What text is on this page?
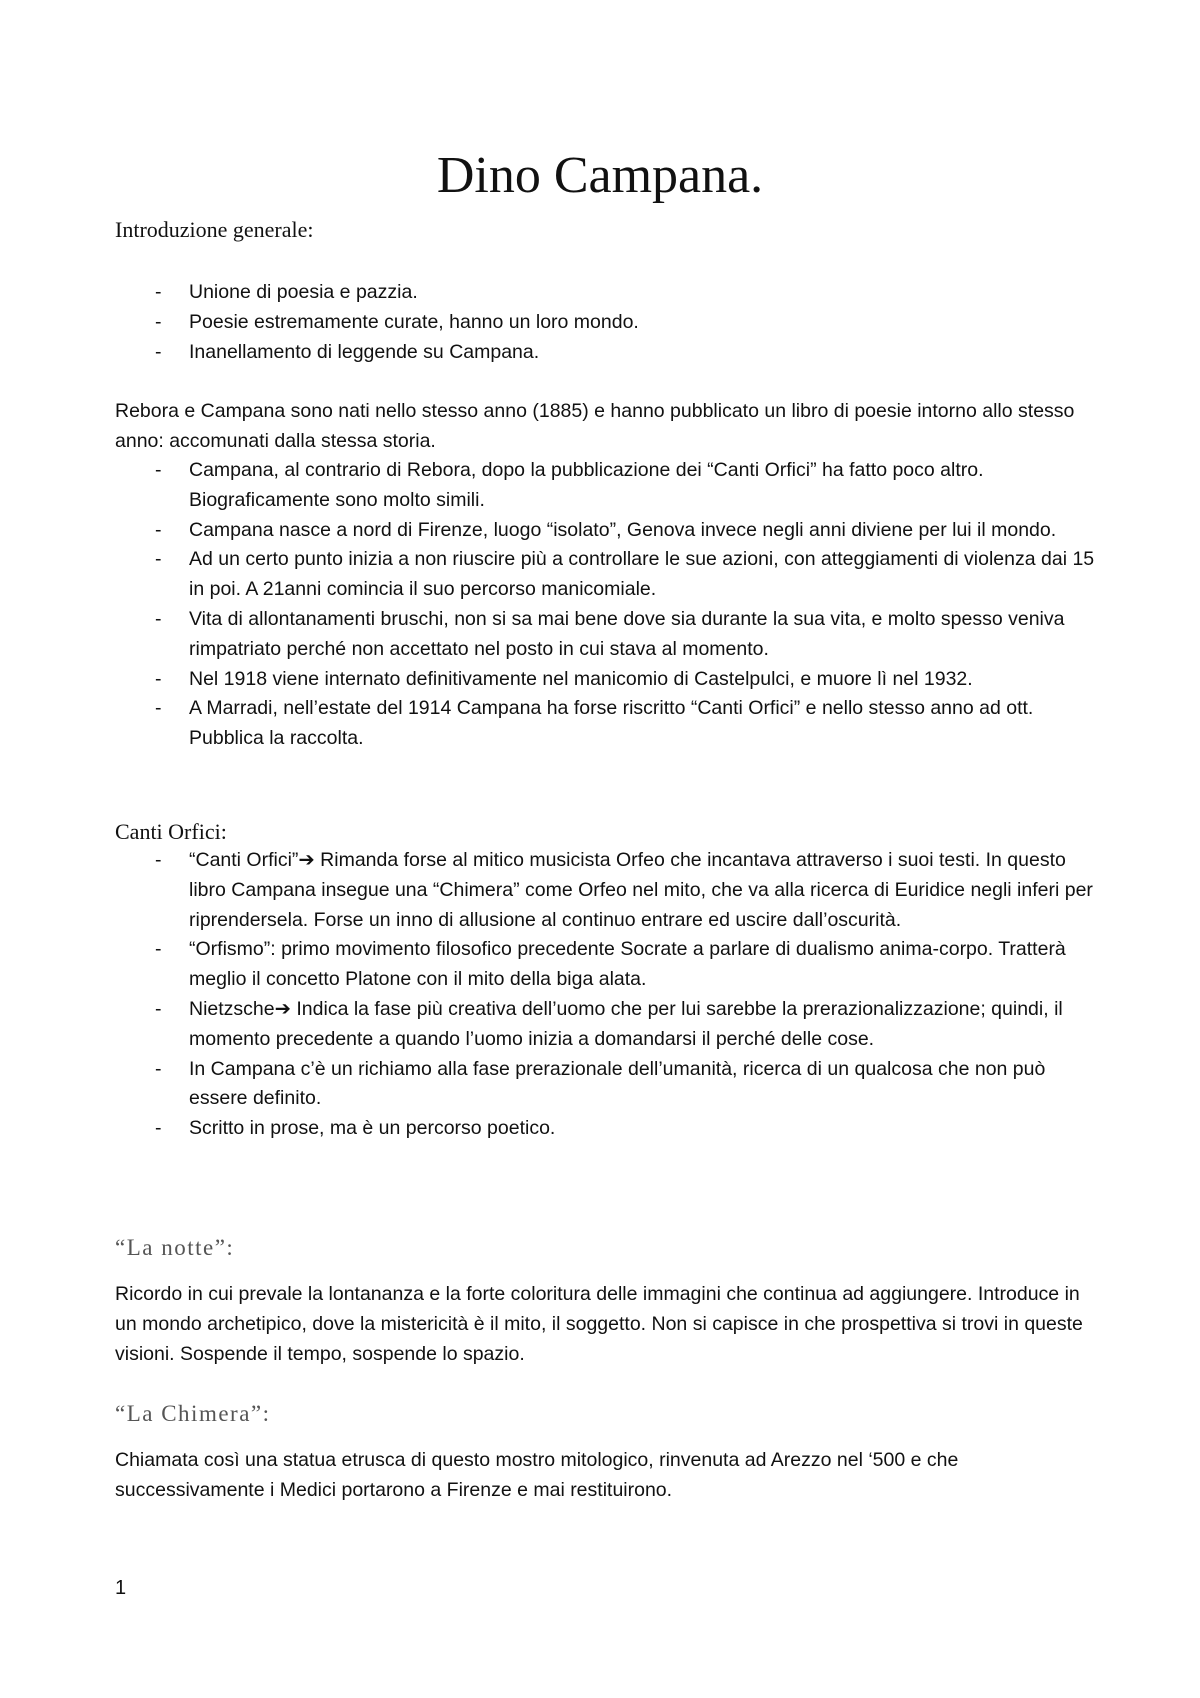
Dino Campana.
Introduzione generale:
- Unione di poesia e pazzia.
- Poesie estremamente curate, hanno un loro mondo.
- Inanellamento di leggende su Campana.

Rebora e Campana sono nati nello stesso anno (1885) e hanno pubblicato un libro di poesie intorno allo stesso anno: accomunati dalla stessa storia.

- Campana, al contrario di Rebora, dopo la pubblicazione dei “Canti Orfici” ha fatto poco altro. Biograficamente sono molto simili.
- Campana nasce a nord di Firenze, luogo “isolato”, Genova invece negli anni diviene per lui il mondo.
- Ad un certo punto inizia a non riuscire più a controllare le sue azioni, con atteggiamenti di violenza dai 15 in poi. A 21anni comincia il suo percorso manicomiale.
- Vita di allontanamenti bruschi, non si sa mai bene dove sia durante la sua vita, e molto spesso veniva rimpatriato perché non accettato nel posto in cui stava al momento.
- Nel 1918 viene internato definitivamente nel manicomio di Castelpulci, e muore lì nel 1932.
- A Marradi, nell’estate del 1914 Campana ha forse riscritto “Canti Orfici” e nello stesso anno ad ott. Pubblica la raccolta.
Canti Orfici:
- “Canti Orfici”➔ Rimanda forse al mitico musicista Orfeo che incantava attraverso i suoi testi. In questo libro Campana insegue una “Chimera” come Orfeo nel mito, che va alla ricerca di Euridice negli inferi per riprendersela. Forse un inno di allusione al continuo entrare ed uscire dall’oscurità.
- “Orfismo”: primo movimento filosofico precedente Socrate a parlare di dualismo anima-corpo. Tratterà meglio il concetto Platone con il mito della biga alata.
- Nietzsche➔ Indica la fase più creativa dell’uomo che per lui sarebbe la prerazionalizzazione; quindi, il momento precedente a quando l’uomo inizia a domandarsi il perché delle cose.
- In Campana c’è un richiamo alla fase prerazionale dell’umanità, ricerca di un qualcosa che non può essere definito.
- Scritto in prose, ma è un percorso poetico.
“La notte”:

Ricordo in cui prevale la lontananza e la forte coloritura delle immagini che continua ad aggiungere. Introduce in un mondo archetipico, dove la mistericità è il mito, il soggetto. Non si capisce in che prospettiva si trovi in queste visioni. Sospende il tempo, sospende lo spazio.

“La Chimera”:

Chiamata così una statua etrusca di questo mostro mitologico, rinvenuta ad Arezzo nel ‘500 e che successivamente i Medici portarono a Firenze e mai restituirono.

1
